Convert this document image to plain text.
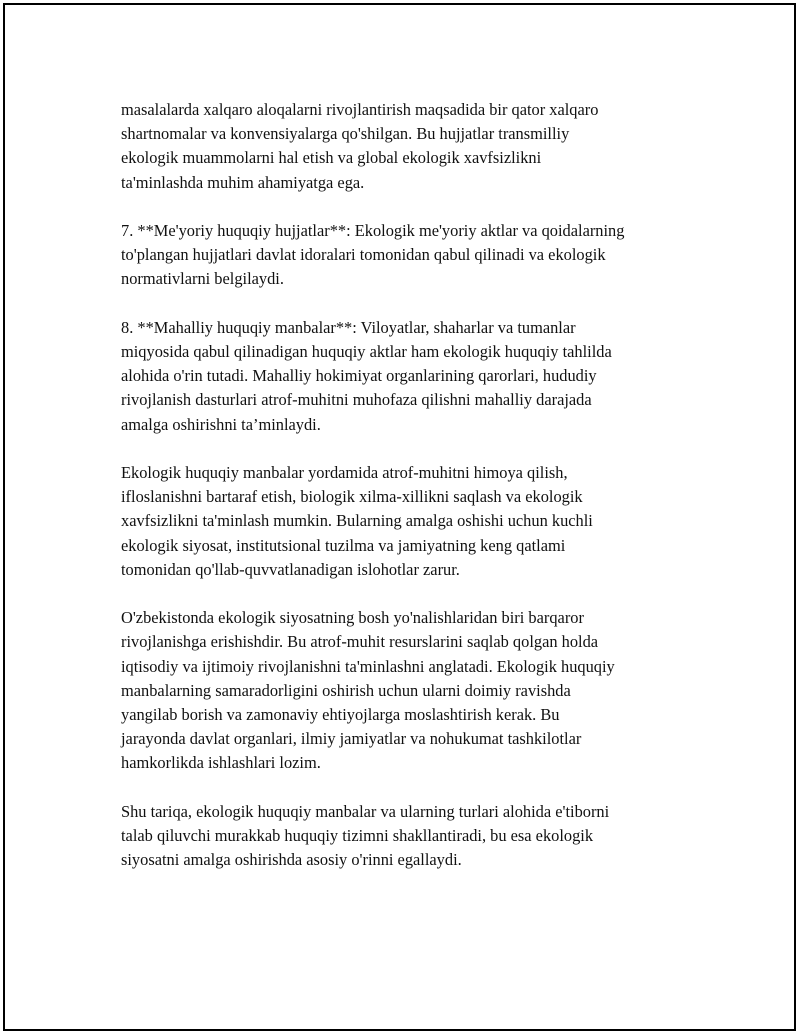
masalalarda xalqaro aloqalarni rivojlantirish maqsadida bir qator xalqaro
shartnomalar va konvensiyalarga qo'shilgan. Bu hujjatlar transmilliy
ekologik muammolarni hal etish va global ekologik xavfsizlikni
ta'minlashda muhim ahamiyatga ega.

7. **Me'yoriy huquqiy hujjatlar**: Ekologik me'yoriy aktlar va qoidalarning
to'plangan hujjatlari davlat idoralari tomonidan qabul qilinadi va ekologik
normativlarni belgilaydi.

8. **Mahalliy huquqiy manbalar**: Viloyatlar, shaharlar va tumanlar
miqyosida qabul qilinadigan huquqiy aktlar ham ekologik huquqiy tahlilda
alohida o'rin tutadi. Mahalliy hokimiyat organlarining qarorlari, hududiy
rivojlanish dasturlari atrof-muhitni muhofaza qilishni mahalliy darajada
amalga oshirishni ta’minlaydi.

Ekologik huquqiy manbalar yordamida atrof-muhitni himoya qilish,
ifloslanishni bartaraf etish, biologik xilma-xillikni saqlash va ekologik
xavfsizlikni ta'minlash mumkin. Bularning amalga oshishi uchun kuchli
ekologik siyosat, institutsional tuzilma va jamiyatning keng qatlami
tomonidan qo'llab-quvvatlanadigan islohotlar zarur.

O'zbekistonda ekologik siyosatning bosh yo'nalishlaridan biri barqaror
rivojlanishga erishishdir. Bu atrof-muhit resurslarini saqlab qolgan holda
iqtisodiy va ijtimoiy rivojlanishni ta'minlashni anglatadi. Ekologik huquqiy
manbalarning samaradorligini oshirish uchun ularni doimiy ravishda
yangilab borish va zamonaviy ehtiyojlarga moslashtirish kerak. Bu
jarayonda davlat organlari, ilmiy jamiyatlar va nohukumat tashkilotlar
hamkorlikda ishlashlari lozim.

Shu tariqa, ekologik huquqiy manbalar va ularning turlari alohida e'tiborni
talab qiluvchi murakkab huquqiy tizimni shakllantiradi, bu esa ekologik
siyosatni amalga oshirishda asosiy o'rinni egallaydi.
